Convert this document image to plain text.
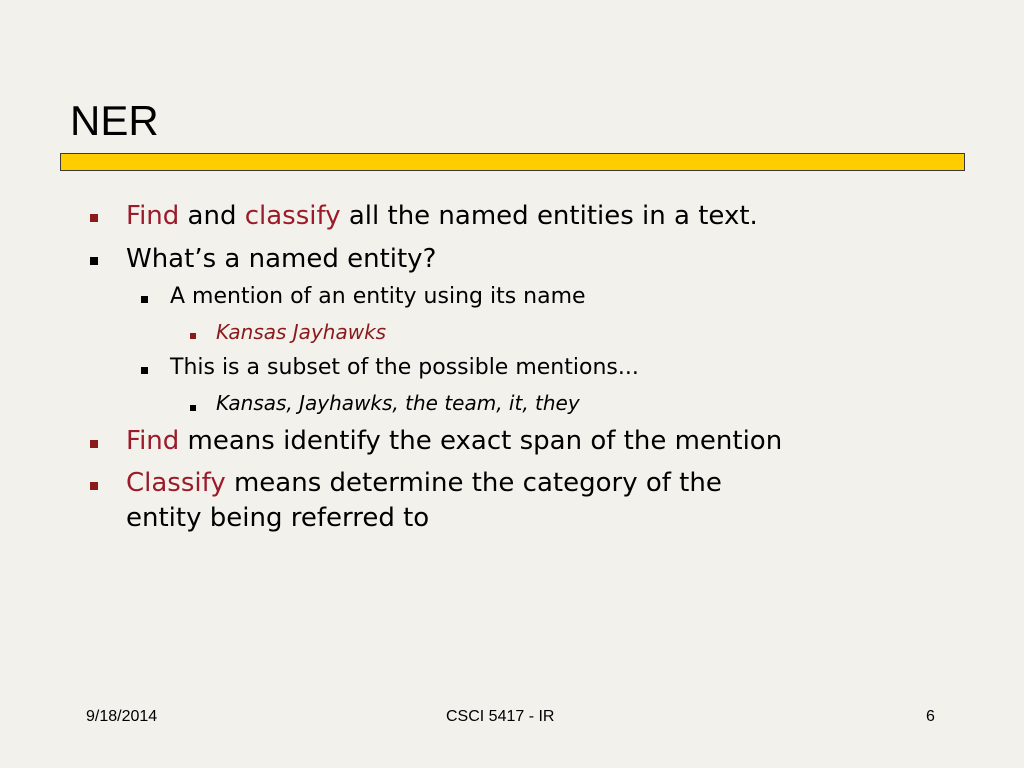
NER
Find and classify all the named entities in a text.
What’s a named entity?
A mention of an entity using its name
Kansas Jayhawks
This is a subset of the possible mentions...
Kansas, Jayhawks, the team, it, they
Find means identify the exact span of the mention
Classify means determine the category of the
entity being referred to
9/18/2014	CSCI 5417 - IR	6
